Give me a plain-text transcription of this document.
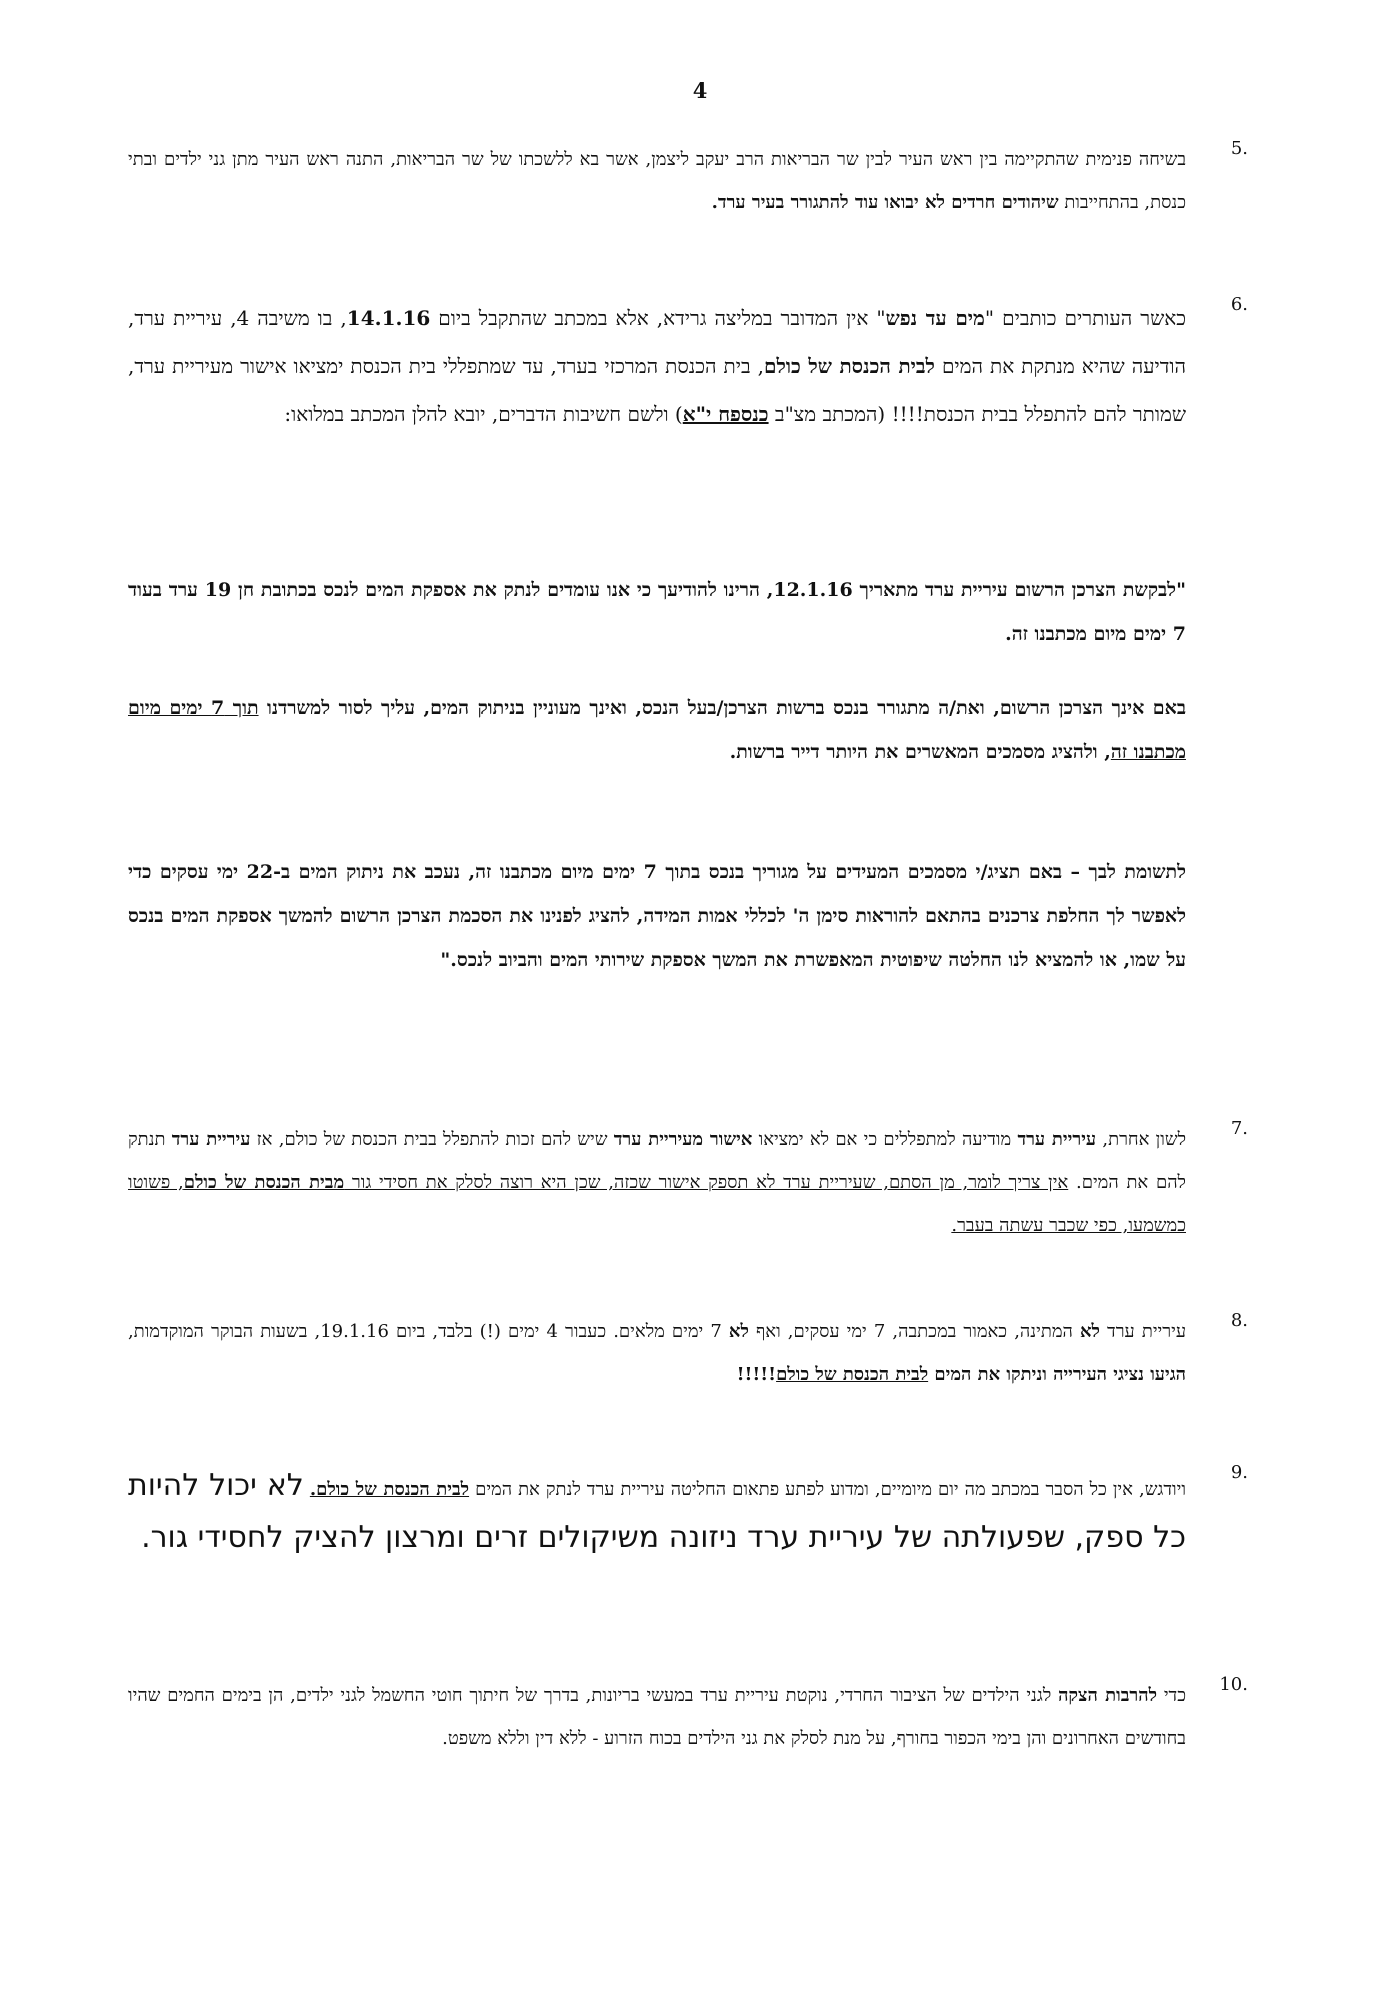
4
5.
בשיחה פנימית שהתקיימה בין ראש העיר לבין שר הבריאות הרב יעקב ליצמן, אשר בא ללשכתו של שר הבריאות, התנה ראש העיר מתן גני ילדים ובתי כנסת, בהתחייבות שיהודים חרדים לא יבואו עוד להתגורר בעיר ערד.
6.
כאשר העותרים כותבים "מים עד נפש" אין המדובר במליצה גרידא, אלא במכתב שהתקבל ביום 14.1.16, בו משיבה 4, עיריית ערד, הודיעה שהיא מנתקת את המים לבית הכנסת של כולם, בית הכנסת המרכזי בערד, עד שמתפללי בית הכנסת ימציאו אישור מעיריית ערד, שמותר להם להתפלל בבית הכנסת!!!! (המכתב מצ"ב כנספח י"א) ולשם חשיבות הדברים, יובא להלן המכתב במלואו:
"לבקשת הצרכן הרשום עיריית ערד מתאריך 12.1.16, הרינו להודיעך כי אנו עומדים לנתק את אספקת המים לנכס בכתובת חן 19 ערד בעוד 7 ימים מיום מכתבנו זה.
באם אינך הצרכן הרשום, ואת/ה מתגורר בנכס ברשות הצרכן/בעל הנכס, ואינך מעוניין בניתוק המים, עליך לסור למשרדנו תוך 7 ימים מיום מכתבנו זה, ולהציג מסמכים המאשרים את היותר דייר ברשות.
לתשומת לבך – באם תציג/י מסמכים המעידים על מגוריך בנכס בתוך 7 ימים מיום מכתבנו זה, נעכב את ניתוק המים ב-22 ימי עסקים כדי לאפשר לך החלפת צרכנים בהתאם להוראות סימן ה' לכללי אמות המידה, להציג לפנינו את הסכמת הצרכן הרשום להמשך אספקת המים בנכס על שמו, או להמציא לנו החלטה שיפוטית המאפשרת את המשך אספקת שירותי המים והביוב לנכס."
7.
לשון אחרת, עיריית ערד מודיעה למתפללים כי אם לא ימציאו אישור מעיריית ערד שיש להם זכות להתפלל בבית הכנסת של כולם, אז עיריית ערד תנתק להם את המים. אין צריך לומר, מן הסתם, שעיריית ערד לא תספק אישור שכזה, שכן היא רוצה לסלק את חסידי גור מבית הכנסת של כולם, פשוטו כמשמעו, כפי שכבר עשתה בעבר.
8.
עיריית ערד לא המתינה, כאמור במכתבה, 7 ימי עסקים, ואף לא 7 ימים מלאים. כעבור 4 ימים (!) בלבד, ביום 19.1.16, בשעות הבוקר המוקדמות, הגיעו נציגי העירייה וניתקו את המים לבית הכנסת של כולם!!!!!
9.
ויודגש, אין כל הסבר במכתב מה יום מיומיים, ומדוע לפתע פתאום החליטה עיריית ערד לנתק את המים לבית הכנסת של כולם. לא יכול להיות כל ספק, שפעולתה של עיריית ערד ניזונה משיקולים זרים ומרצון להציק לחסידי גור.
10.
כדי להרבות הצקה לגני הילדים של הציבור החרדי, נוקטת עיריית ערד במעשי בריונות, בדרך של חיתוך חוטי החשמל לגני ילדים, הן בימים החמים שהיו בחודשים האחרונים והן בימי הכפור בחורף, על מנת לסלק את גני הילדים בכוח הזרוע - ללא דין וללא משפט.
